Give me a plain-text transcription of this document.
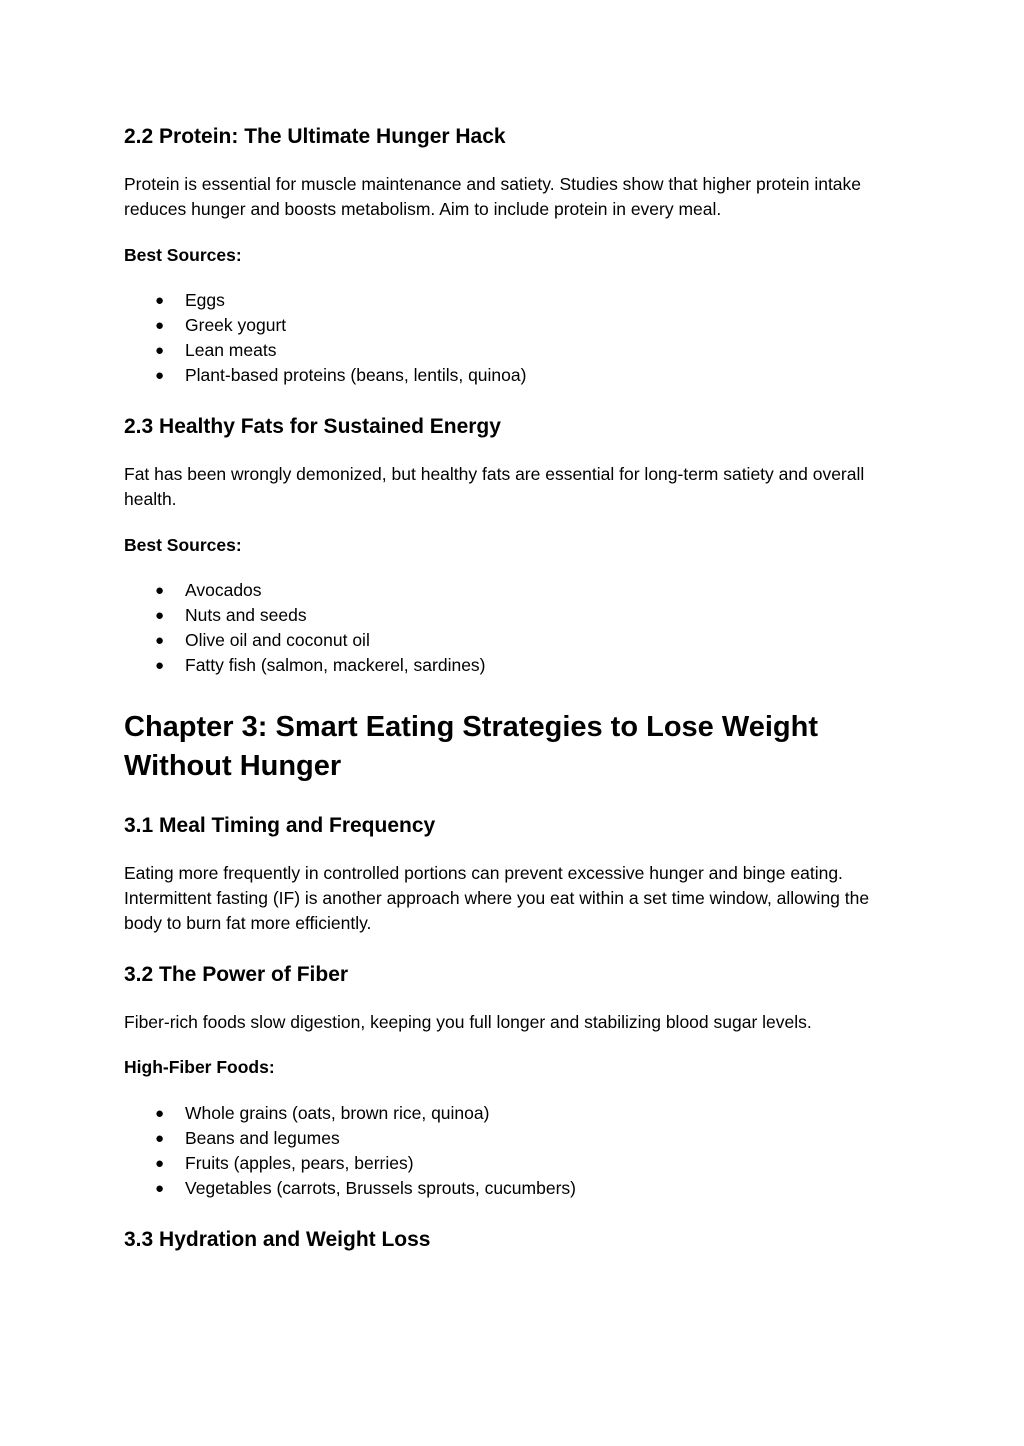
2.2 Protein: The Ultimate Hunger Hack

Protein is essential for muscle maintenance and satiety. Studies show that higher protein intake reduces hunger and boosts metabolism. Aim to include protein in every meal.

Best Sources:

● Eggs
● Greek yogurt
● Lean meats
● Plant-based proteins (beans, lentils, quinoa)
2.3 Healthy Fats for Sustained Energy

Fat has been wrongly demonized, but healthy fats are essential for long-term satiety and overall health.

Best Sources:

● Avocados
● Nuts and seeds
● Olive oil and coconut oil
● Fatty fish (salmon, mackerel, sardines)
Chapter 3: Smart Eating Strategies to Lose Weight Without Hunger
3.1 Meal Timing and Frequency

Eating more frequently in controlled portions can prevent excessive hunger and binge eating. Intermittent fasting (IF) is another approach where you eat within a set time window, allowing the body to burn fat more efficiently.

3.2 The Power of Fiber

Fiber-rich foods slow digestion, keeping you full longer and stabilizing blood sugar levels.

High-Fiber Foods:

● Whole grains (oats, brown rice, quinoa)
● Beans and legumes
● Fruits (apples, pears, berries)
● Vegetables (carrots, Brussels sprouts, cucumbers)
3.3 Hydration and Weight Loss
